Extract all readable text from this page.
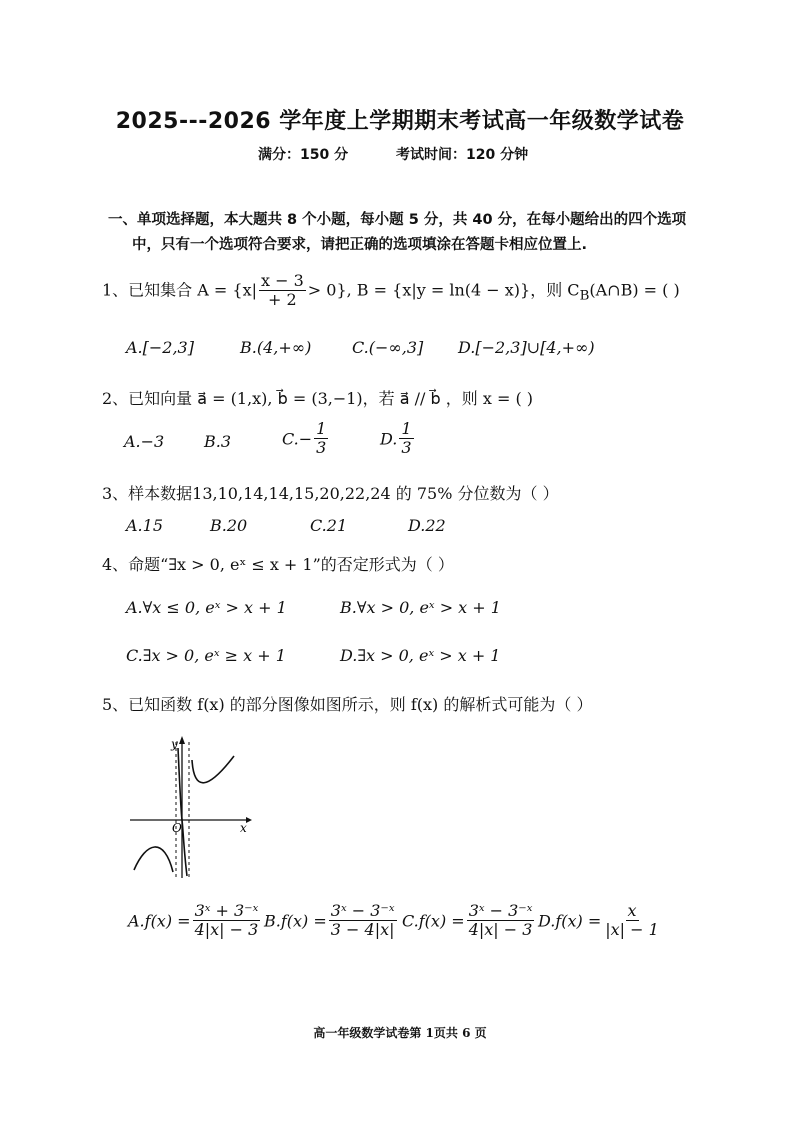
2025---2026 学年度上学期期末考试高一年级数学试卷
满分：150 分	考试时间：120 分钟
一、单项选择题，本大题共 8 个小题，每小题 5 分，共 40 分，在每小题给出的四个选项
中，只有一个选项符合要求，请把正确的选项填涂在答题卡相应位置上.
1、已知集合 $A = \{x| \frac{x - 3}{+ 2} > 0\}$, B = {x|y = ln(4 − x)}，则 $C_B(A\cap B)$ = ( )
A.[−2,3]	B.(4,+∞)	C.(−∞,3] D.[−2,3]∪[4,+∞)
2、已知向量 a⃗ = (1,x), b⃗ = (3,−1)，若 a⃗ // b⃗ ，则 x = ( )
A.−3 B.3	$C.- \frac{1}{3}$	D. $\frac{1}{3}$
3、样本数据13,10,14,14,15,20,22,24 的 75% 分位数为（ ）
A.15	B.20	C.21	D.22
4、命题“∃x > 0, eˣ ≤ x + 1”的否定形式为（ ）
A.∀x ≤ 0, eˣ > x + 1	B.∀x > 0, eˣ > x + 1
C.∃x > 0, eˣ ≥ x + 1	D.∃x > 0, eˣ > x + 1
5、已知函数 f(x) 的部分图像如图所示，则 f(x) 的解析式可能为（ ）
y
x
O
$A.f(x) = \frac{\text{3ˣ + 3⁻ˣ}}{4|x| - 3} B.f(x) = \frac{\text{3ˣ − 3⁻ˣ}}{3 - 4|x|} C.f(x) = \frac{\text{3ˣ − 3⁻ˣ}}{4|x| - 3} D.f(x) = \frac{x}{|x| - 1}$
高一年级数学试卷第 1页共 6 页
